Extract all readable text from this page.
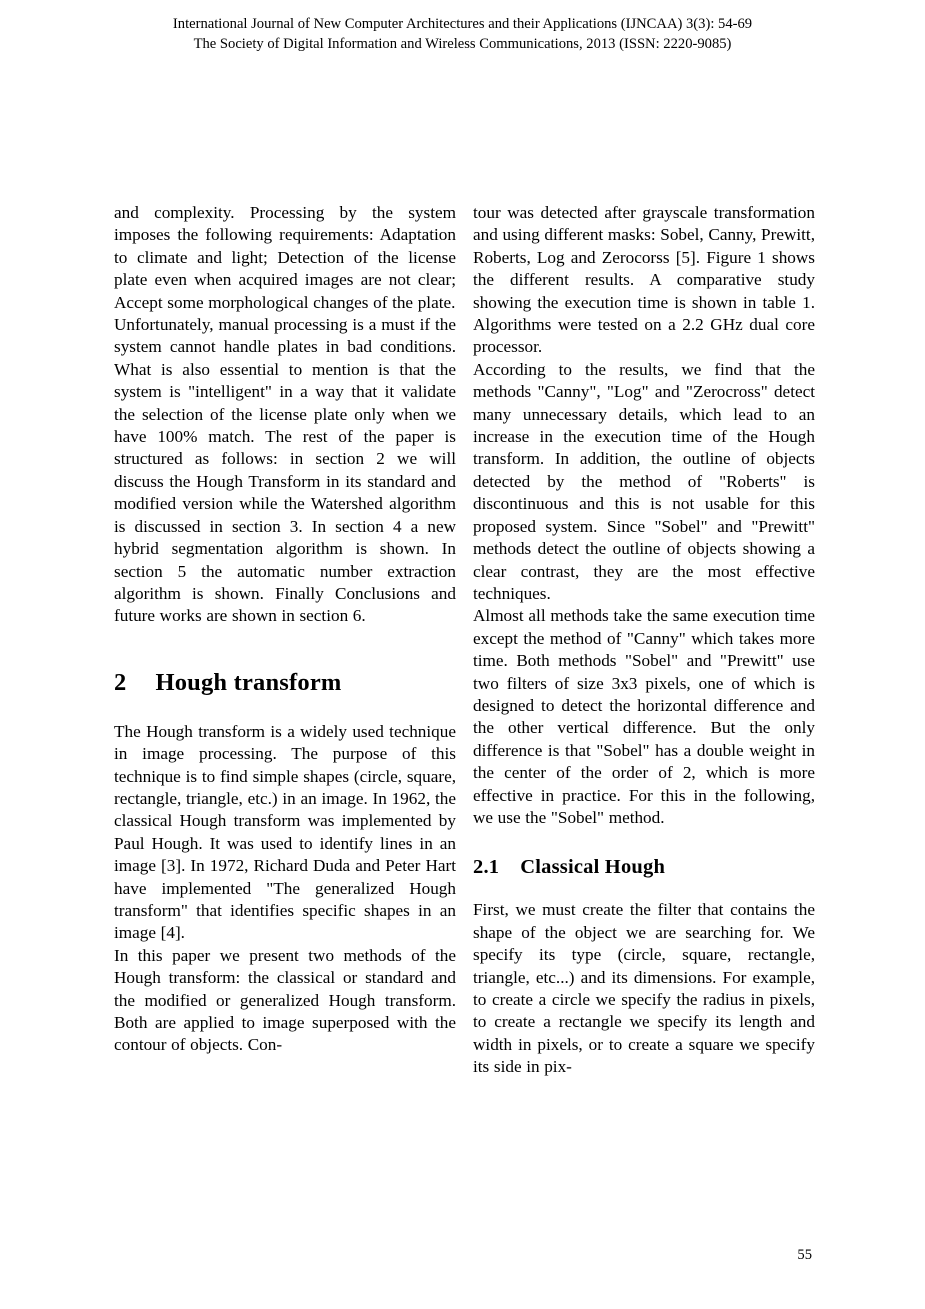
International Journal of New Computer Architectures and their Applications (IJNCAA) 3(3): 54-69
The Society of Digital Information and Wireless Communications, 2013 (ISSN: 2220-9085)

and complexity. Processing by the system imposes the following requirements: Adaptation to climate and light; Detection of the license plate even when acquired images are not clear; Accept some morphological changes of the plate.

Unfortunately, manual processing is a must if the system cannot handle plates in bad conditions. What is also essential to mention is that the system is "intelligent" in a way that it validate the selection of the license plate only when we have 100% match. The rest of the paper is structured as follows: in section 2 we will discuss the Hough Transform in its standard and modified version while the Watershed algorithm is discussed in section 3. In section 4 a new hybrid segmentation algorithm is shown. In section 5 the automatic number extraction algorithm is shown. Finally Conclusions and future works are shown in section 6.

2 Hough transform

The Hough transform is a widely used technique in image processing. The purpose of this technique is to find simple shapes (circle, square, rectangle, triangle, etc.) in an image. In 1962, the classical Hough transform was implemented by Paul Hough. It was used to identify lines in an image [3]. In 1972, Richard Duda and Peter Hart have implemented "The generalized Hough transform" that identifies specific shapes in an image [4].

In this paper we present two methods of the Hough transform: the classical or standard and the modified or generalized Hough transform. Both are applied to image superposed with the contour of objects. Con-

tour was detected after grayscale transformation and using different masks: Sobel, Canny, Prewitt, Roberts, Log and Zerocorss [5]. Figure 1 shows the different results. A comparative study showing the execution time is shown in table 1. Algorithms were tested on a 2.2 GHz dual core processor.

According to the results, we find that the methods "Canny", "Log" and "Zerocross" detect many unnecessary details, which lead to an increase in the execution time of the Hough transform. In addition, the outline of objects detected by the method of "Roberts" is discontinuous and this is not usable for this proposed system. Since "Sobel" and "Prewitt" methods detect the outline of objects showing a clear contrast, they are the most effective techniques.

Almost all methods take the same execution time except the method of "Canny" which takes more time. Both methods "Sobel" and "Prewitt" use two filters of size 3x3 pixels, one of which is designed to detect the horizontal difference and the other vertical difference. But the only difference is that "Sobel" has a double weight in the center of the order of 2, which is more effective in practice. For this in the following, we use the "Sobel" method.

2.1 Classical Hough

First, we must create the filter that contains the shape of the object we are searching for. We specify its type (circle, square, rectangle, triangle, etc...) and its dimensions. For example, to create a circle we specify the radius in pixels, to create a rectangle we specify its length and width in pixels, or to create a square we specify its side in pix-

55
